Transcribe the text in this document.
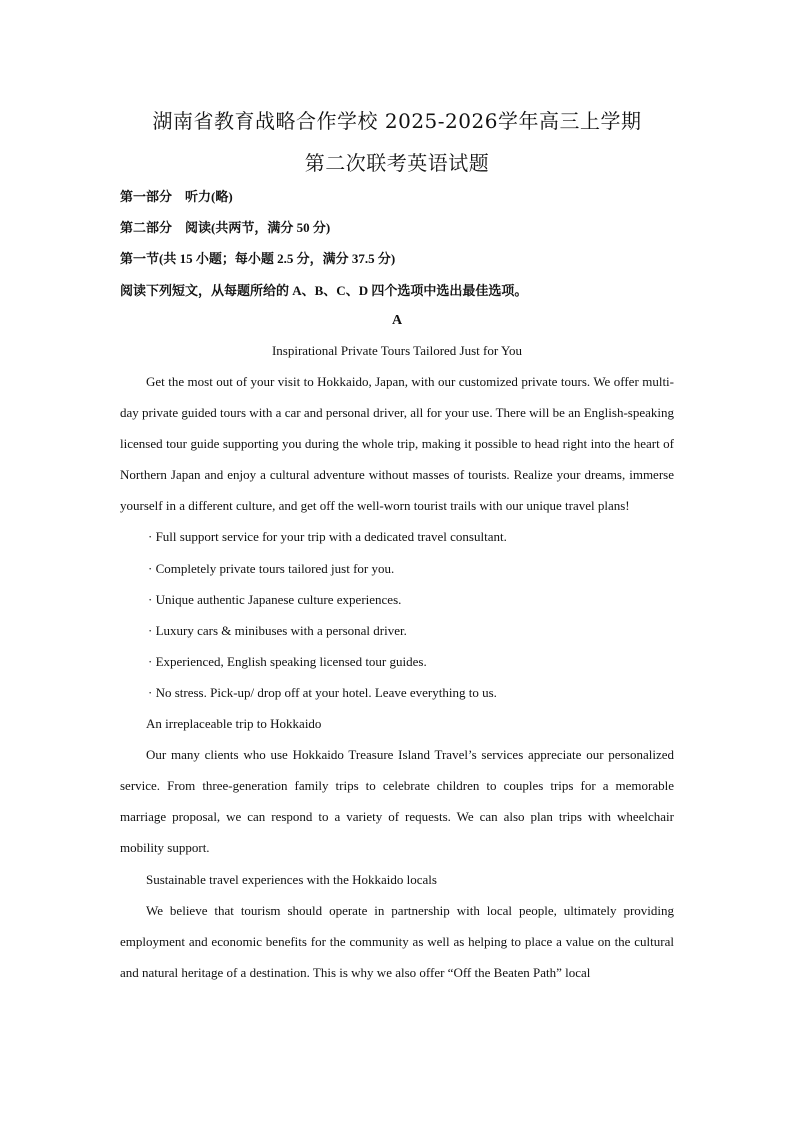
湖南省教育战略合作学校 2025-2026学年高三上学期
第二次联考英语试题
第一部分　听力(略)
第二部分　阅读(共两节，满分 50 分)
第一节(共 15 小题；每小题 2.5 分，满分 37.5 分)
阅读下列短文，从每题所给的 A、B、C、D 四个选项中选出最佳选项。
A
Inspirational Private Tours Tailored Just for You

Get the most out of your visit to Hokkaido, Japan, with our customized private tours. We offer multi-day private guided tours with a car and personal driver, all for your use. There will be an English-speaking licensed tour guide supporting you during the whole trip, making it possible to head right into the heart of Northern Japan and enjoy a cultural adventure without masses of tourists. Realize your dreams, immerse yourself in a different culture, and get off the well-worn tourist trails with our unique travel plans!

· Full support service for your trip with a dedicated travel consultant.

· Completely private tours tailored just for you.

· Unique authentic Japanese culture experiences.

· Luxury cars & minibuses with a personal driver.

· Experienced, English speaking licensed tour guides.

· No stress. Pick-up/ drop off at your hotel. Leave everything to us.

An irreplaceable trip to Hokkaido

Our many clients who use Hokkaido Treasure Island Travel’s services appreciate our personalized service. From three-generation family trips to celebrate children to couples trips for a memorable marriage proposal, we can respond to a variety of requests. We can also plan trips with wheelchair mobility support.

Sustainable travel experiences with the Hokkaido locals

We believe that tourism should operate in partnership with local people, ultimately providing employment and economic benefits for the community as well as helping to place a value on the cultural and natural heritage of a destination. This is why we also offer “Off the Beaten Path” local
